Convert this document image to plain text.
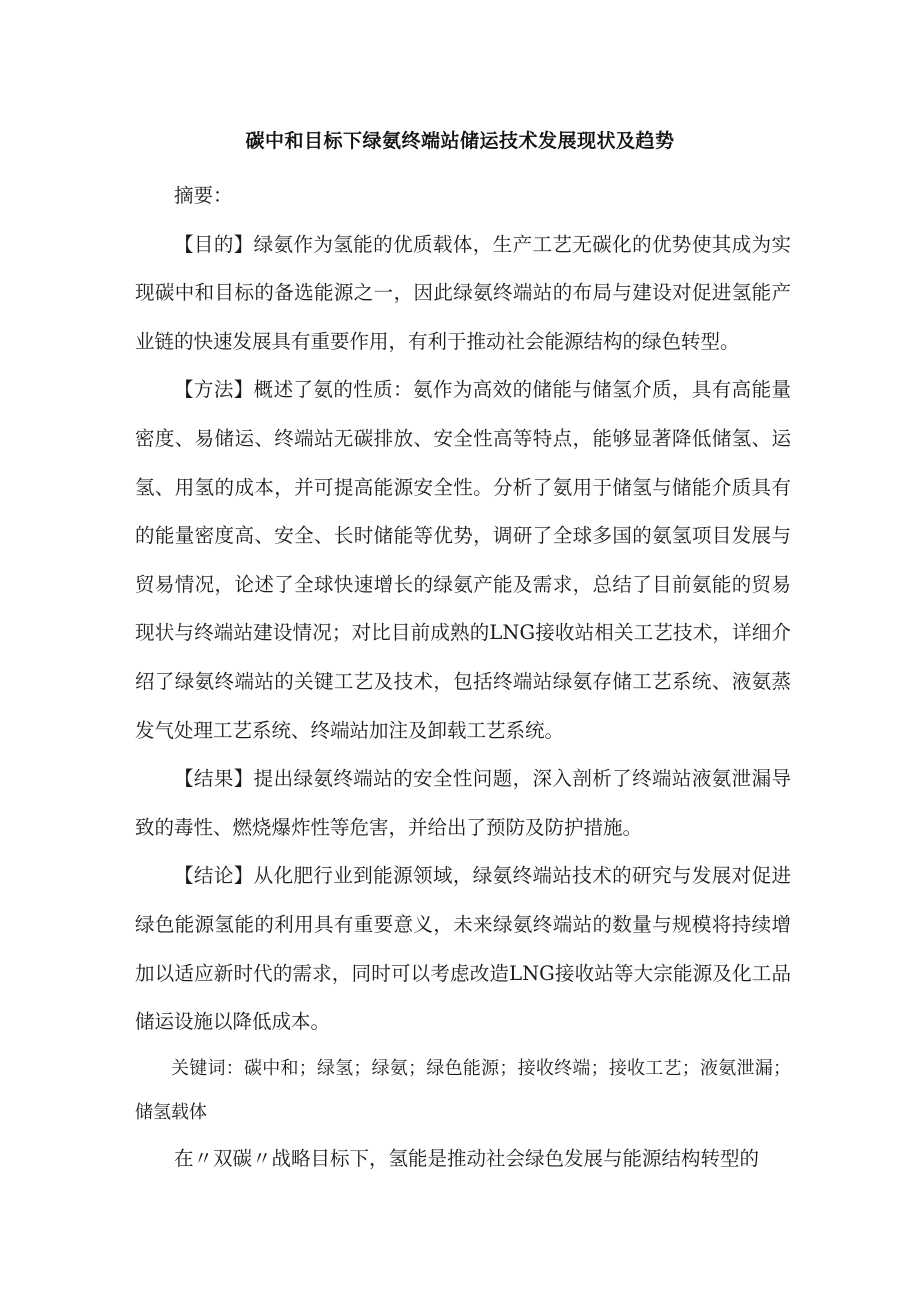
碳中和目标下绿氨终端站储运技术发展现状及趋势

摘要：

【目的】绿氨作为氢能的优质载体，生产工艺无碳化的优势使其成为实现碳中和目标的备选能源之一，因此绿氨终端站的布局与建设对促进氢能产业链的快速发展具有重要作用，有利于推动社会能源结构的绿色转型。

【方法】概述了氨的性质：氨作为高效的储能与储氢介质，具有高能量密度、易储运、终端站无碳排放、安全性高等特点，能够显著降低储氢、运氢、用氢的成本，并可提高能源安全性。分析了氨用于储氢与储能介质具有的能量密度高、安全、长时储能等优势，调研了全球多国的氨氢项目发展与贸易情况，论述了全球快速增长的绿氨产能及需求，总结了目前氨能的贸易现状与终端站建设情况；对比目前成熟的LNG接收站相关工艺技术，详细介绍了绿氨终端站的关键工艺及技术，包括终端站绿氨存储工艺系统、液氨蒸发气处理工艺系统、终端站加注及卸载工艺系统。

【结果】提出绿氨终端站的安全性问题，深入剖析了终端站液氨泄漏导致的毒性、燃烧爆炸性等危害，并给出了预防及防护措施。

【结论】从化肥行业到能源领域，绿氨终端站技术的研究与发展对促进绿色能源氢能的利用具有重要意义，未来绿氨终端站的数量与规模将持续增加以适应新时代的需求，同时可以考虑改造LNG接收站等大宗能源及化工品储运设施以降低成本。

关键词：碳中和；绿氢；绿氨；绿色能源；接收终端；接收工艺；液氨泄漏；储氢载体

在〃双碳〃战略目标下，氢能是推动社会绿色发展与能源结构转型的
